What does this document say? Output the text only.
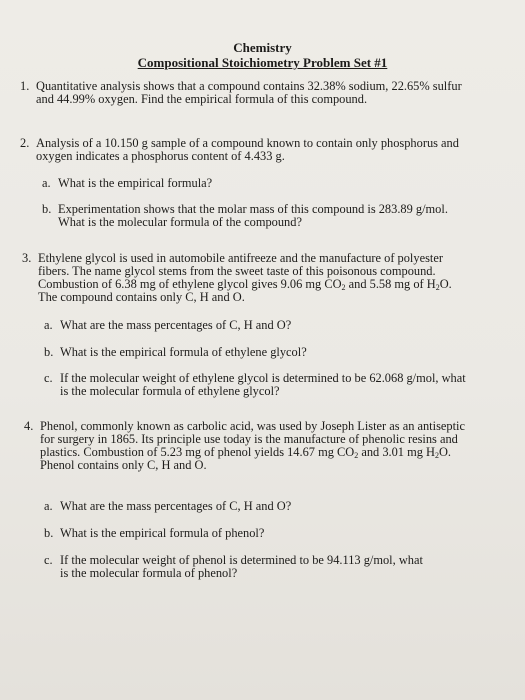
Chemistry
Compositional Stoichiometry Problem Set #1
1. Quantitative analysis shows that a compound contains 32.38% sodium, 22.65% sulfur
and 44.99% oxygen. Find the empirical formula of this compound.
2. Analysis of a 10.150 g sample of a compound known to contain only phosphorus and
oxygen indicates a phosphorus content of 4.433 g.
a. What is the empirical formula?
b. Experimentation shows that the molar mass of this compound is 283.89 g/mol.
What is the molecular formula of the compound?
3. Ethylene glycol is used in automobile antifreeze and the manufacture of polyester
fibers. The name glycol stems from the sweet taste of this poisonous compound.
Combustion of 6.38 mg of ethylene glycol gives 9.06 mg $CO_2$ and 5.58 mg of $H_2O$.
The compound contains only C, H and O.
a. What are the mass percentages of C, H and O?
b. What is the empirical formula of ethylene glycol?
c. If the molecular weight of ethylene glycol is determined to be 62.068 g/mol, what
is the molecular formula of ethylene glycol?
4. Phenol, commonly known as carbolic acid, was used by Joseph Lister as an antiseptic
for surgery in 1865. Its principle use today is the manufacture of phenolic resins and
plastics. Combustion of 5.23 mg of phenol yields 14.67 mg $CO_2$ and 3.01 mg $H_2O$.
Phenol contains only C, H and O.
a. What are the mass percentages of C, H and O?
b. What is the empirical formula of phenol?
c. If the molecular weight of phenol is determined to be 94.113 g/mol, what
is the molecular formula of phenol?
